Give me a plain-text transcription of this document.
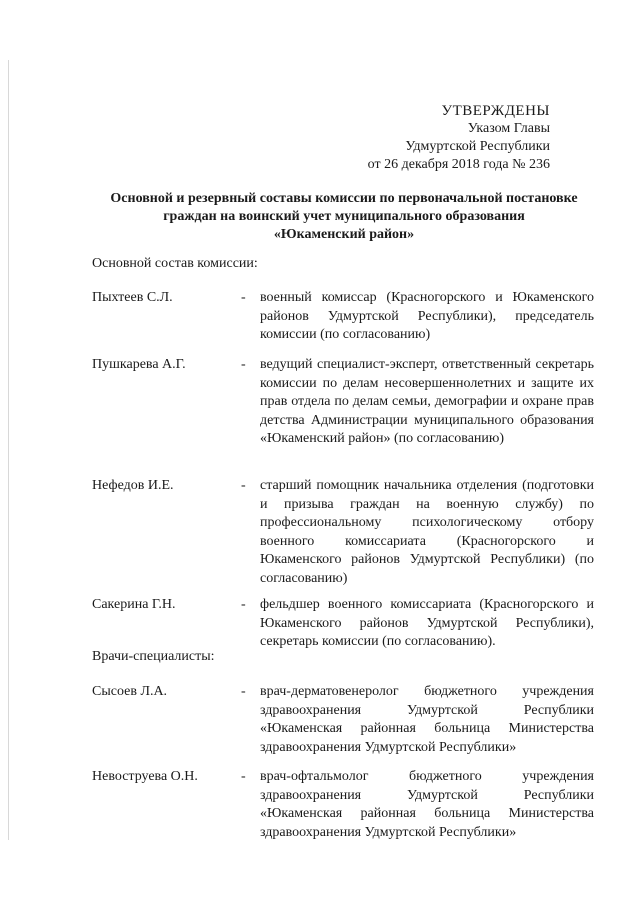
УТВЕРЖДЕНЫ
Указом Главы
Удмуртской Республики
от 26 декабря 2018 года № 236
Основной и резервный составы комиссии по первоначальной постановке
граждан на воинский учет муниципального образования
«Юкаменский район»
Основной состав комиссии:
Пыхтеев С.Л.	- военный комиссар (Красногорского и Юкаменского районов Удмуртской Республики), председатель комиссии (по согласованию)
Пушкарева А.Г.	- ведущий специалист-эксперт, ответственный секретарь комиссии по делам несовершеннолетних и защите их прав отдела по делам семьи, демографии и охране прав детства Администрации муниципального образования «Юкаменский район» (по согласованию)
Нефедов И.Е.	- старший помощник начальника отделения (подготовки и призыва граждан на военную службу) по профессиональному психологическому отбору военного комиссариата (Красногорского и Юкаменского районов Удмуртской Республики) (по согласованию)
Сакерина Г.Н.	- фельдшер военного комиссариата (Красногорского и Юкаменского районов Удмуртской Республики), секретарь комиссии (по согласованию).
Врачи-специалисты:
Сысоев Л.А.	- врач-дерматовенеролог бюджетного учреждения здравоохранения Удмуртской Республики «Юкаменская районная больница Министерства здравоохранения Удмуртской Республики»
Невоструева О.Н.	- врач-офтальмолог бюджетного учреждения здравоохранения Удмуртской Республики «Юкаменская районная больница Министерства здравоохранения Удмуртской Республики»
